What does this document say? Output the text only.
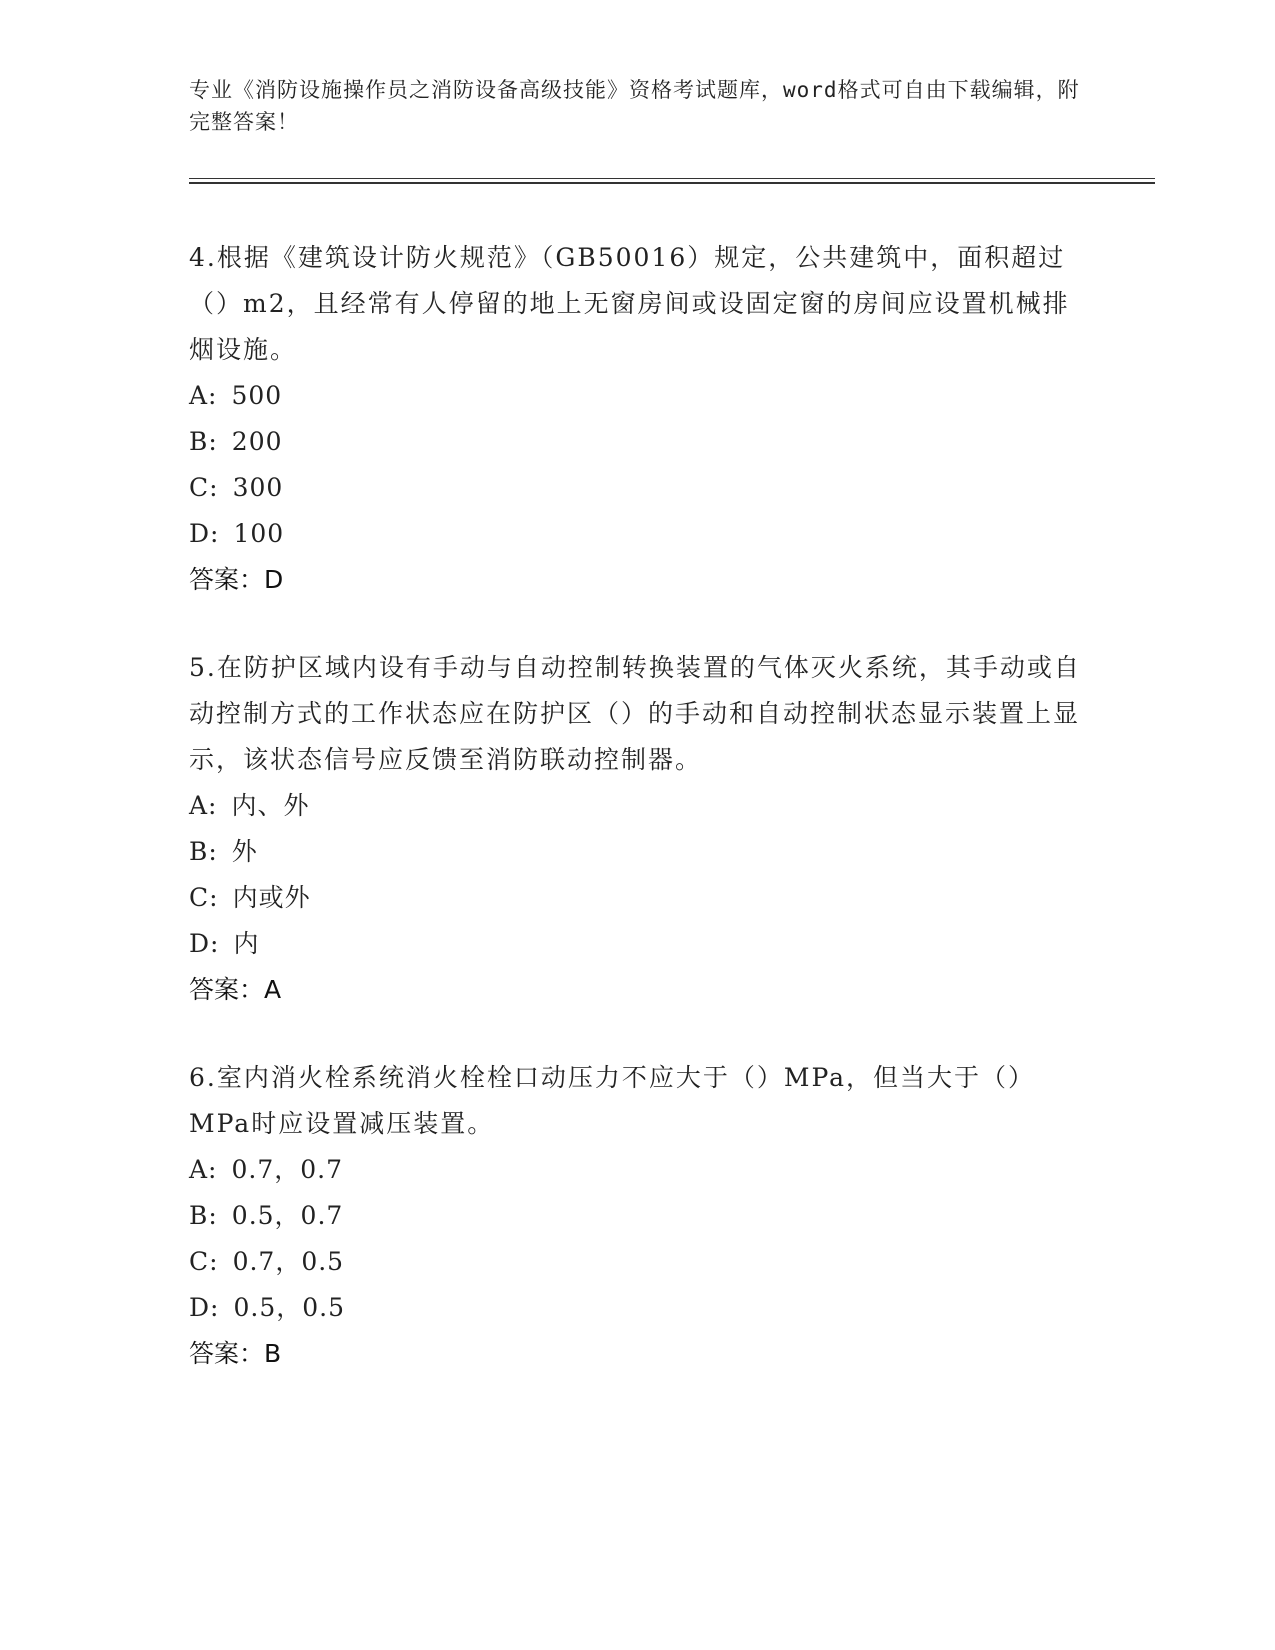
专业《消防设施操作员之消防设备高级技能》资格考试题库，word格式可自由下载编辑，附完整答案！

4.根据《建筑设计防火规范》（GB50016）规定，公共建筑中，面积超过（）m2，且经常有人停留的地上无窗房间或设固定窗的房间应设置机械排烟设施。

A: 500

B: 200

C: 300

D: 100

答案：D

5.在防护区域内设有手动与自动控制转换装置的气体灭火系统，其手动或自动控制方式的工作状态应在防护区（）的手动和自动控制状态显示装置上显示，该状态信号应反馈至消防联动控制器。

A: 内、外

B: 外

C: 内或外

D: 内

答案：A

6.室内消火栓系统消火栓栓口动压力不应大于（）MPa，但当大于（）MPa时应设置减压装置。

A: 0.7，0.7

B: 0.5，0.7

C: 0.7，0.5

D: 0.5，0.5

答案：B
